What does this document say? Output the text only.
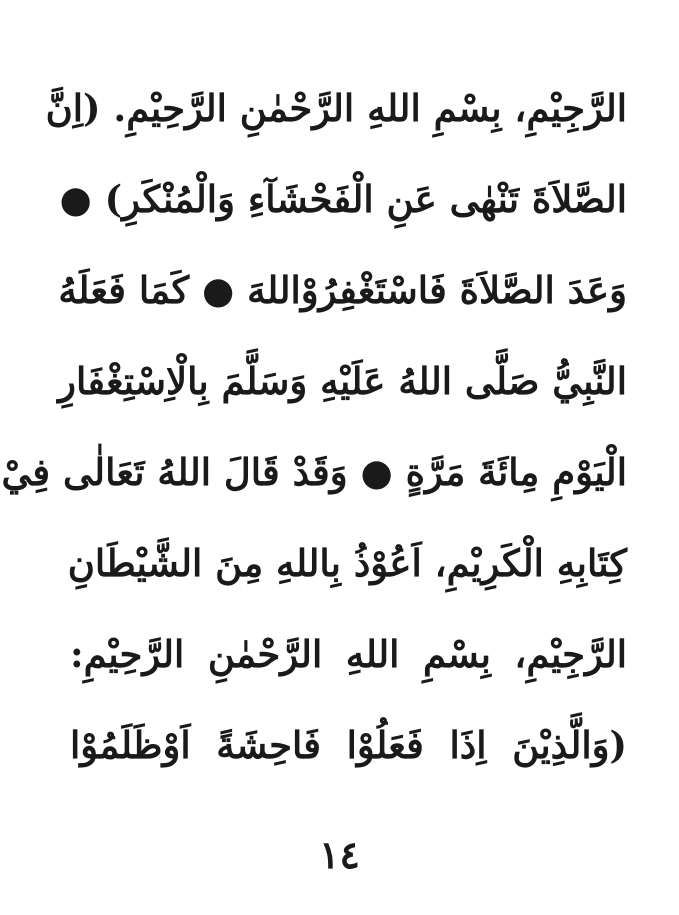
الرَّجِيْمِ، بِسْمِ اللهِ الرَّحْمٰنِ الرَّحِيْمِ. (اِنَّ
الصَّلاَةَ تَنْهٰى عَنِ الْفَحْشَآءِ وَالْمُنْكَرِ) ●
وَعَدَ الصَّلاَةَ فَاسْتَغْفِرُوْاللهَ ● كَمَا فَعَلَهُ
النَّبِيُّ صَلَّى اللهُ عَلَيْهِ وَسَلَّمَ بِالْاِسْتِغْفَارِ
الْيَوْمِ مِائَةَ مَرَّةٍ ● وَقَدْ قَالَ اللهُ تَعَالٰى فِيْ
كِتَابِهِ الْكَرِيْمِ، اَعُوْذُ بِاللهِ مِنَ الشَّيْطَانِ
الرَّجِيْمِ، بِسْمِ اللهِ الرَّحْمٰنِ الرَّحِيْمِ:
(وَالَّذِيْنَ اِذَا فَعَلُوْا فَاحِشَةً اَوْظَلَمُوْا
١٤
